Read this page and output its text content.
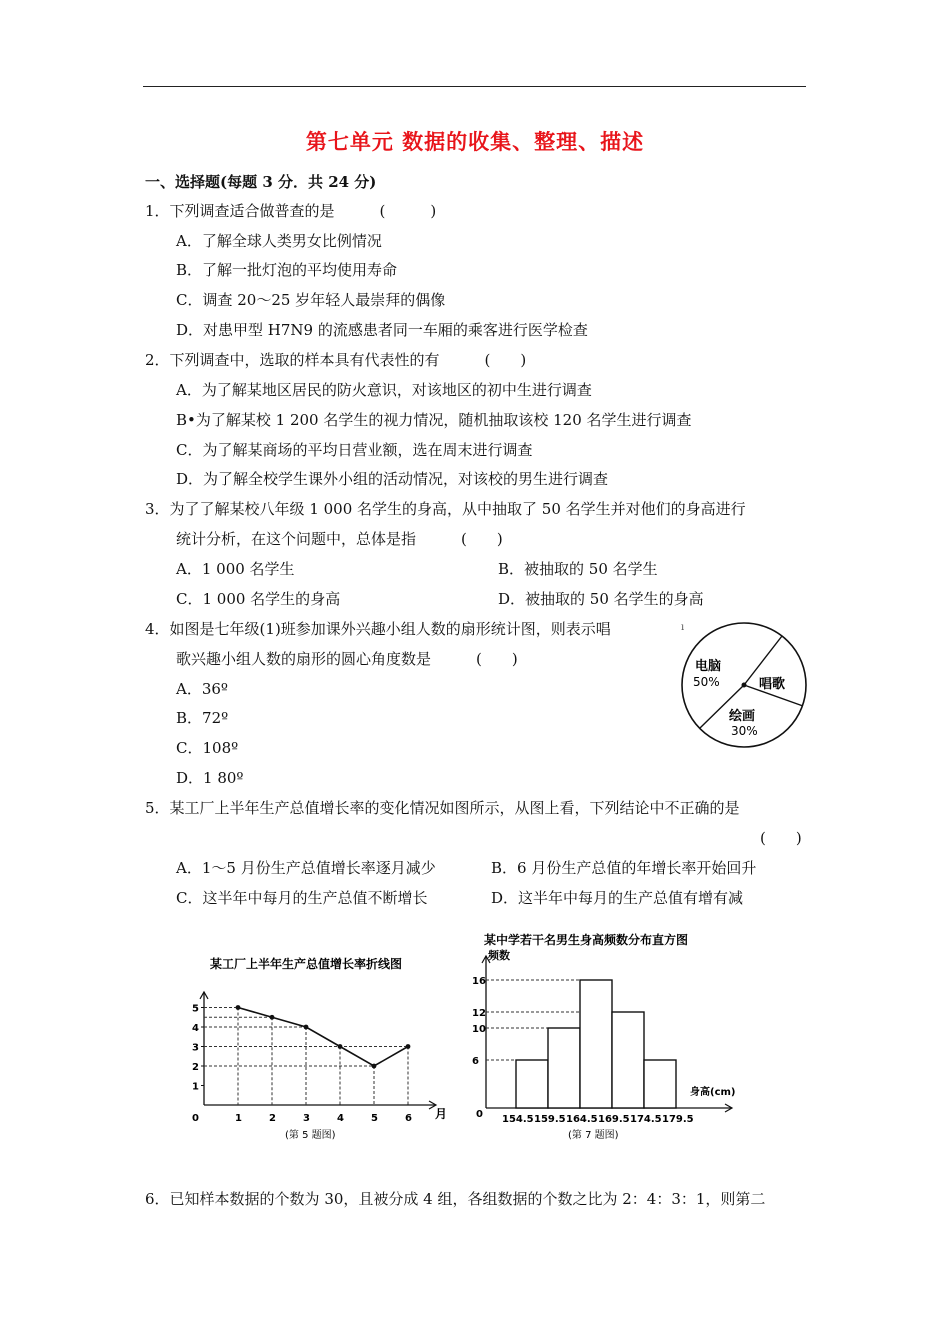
第七单元 数据的收集、整理、描述
一、选择题(每题 3 分．共 24 分)
1．下列调查适合做普查的是　　　(　　　)
A．了解全球人类男女比例情况
B．了解一批灯泡的平均使用寿命
C．调查 20～25 岁年轻人最崇拜的偶像
D．对患甲型 H7N9 的流感患者同一车厢的乘客进行医学检查
2．下列调查中，选取的样本具有代表性的有　　　(　　)
A．为了解某地区居民的防火意识，对该地区的初中生进行调查
B•为了解某校 1 200 名学生的视力情况，随机抽取该校 120 名学生进行调查
C．为了解某商场的平均日营业额，选在周末进行调查
D．为了解全校学生课外小组的活动情况，对该校的男生进行调查
3．为了了解某校八年级 1 000 名学生的身高，从中抽取了 50 名学生并对他们的身高进行
统计分析，在这个问题中，总体是指　　　(　　)
A．1 000 名学生	B．被抽取的 50 名学生
C．1 000 名学生的身高	D．被抽取的 50 名学生的身高
4．如图是七年级(1)班参加课外兴趣小组人数的扇形统计图，则表示唱
歌兴趣小组人数的扇形的圆心角度数是　　　(　　)
A．36º
B．72º
C．108º
D．1 80º
电脑
50%	唱歌
绘画
30%
ı
5．某工厂上半年生产总值增长率的变化情况如图所示，从图上看，下列结论中不正确的是
(　　)
A．1～5 月份生产总值增长率逐月减少	B．6 月份生产总值的年增长率开始回升
C．这半年中每月的生产总值不断增长	D．这半年中每月的生产总值有增有减
某工厂上半年生产总值增长率折线图
1
2
3
4
5
0	1	2	3	4	5	6 月
(第 5 题图)
某中学若干名男生身高频数分布直方图
频数
6
10
12
16
154.5 159.5 164.5 169.5 174.5 179.5
身高(cm)
0
(第 7 题图)
6．已知样本数据的个数为 30，且被分成 4 组，各组数据的个数之比为 2：4：3：1，则第二
